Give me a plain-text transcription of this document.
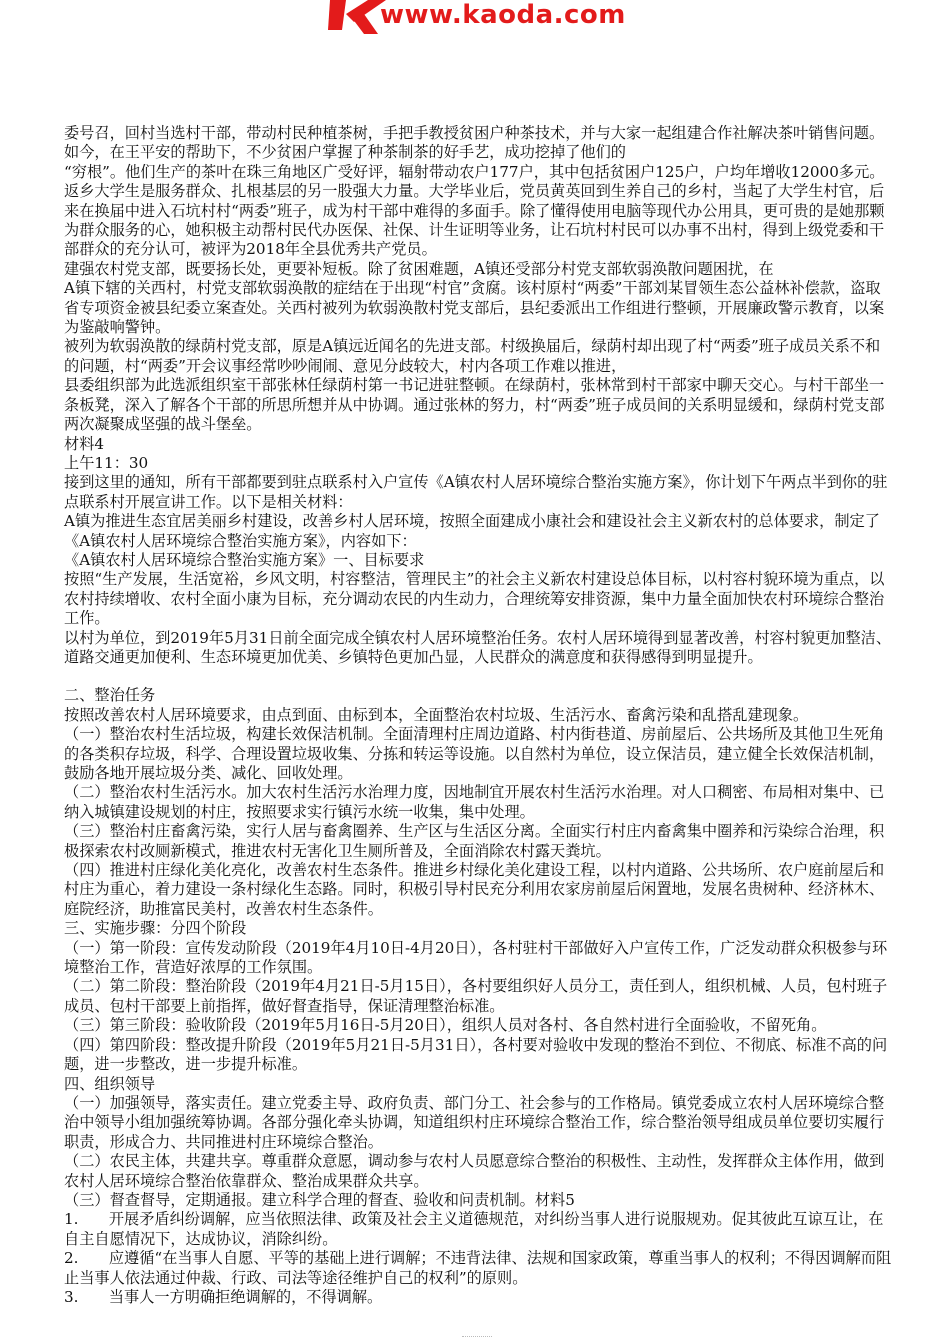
www.kaoda.com

委号召，回村当选村干部，带动村民种植茶树，手把手教授贫困户种茶技术，并与大家一起组建合作社解决茶叶销售问题。如今，在王平安的帮助下，不少贫困户掌握了种茶制茶的好手艺，成功挖掉了他们的

“穷根”。他们生产的茶叶在珠三角地区广受好评，辐射带动农户177户，其中包括贫困户125户，户均年增收12000多元。

返乡大学生是服务群众、扎根基层的另一股强大力量。大学毕业后，党员黄英回到生养自己的乡村，当起了大学生村官，后来在换届中进入石坑村村“两委”班子，成为村干部中难得的多面手。除了懂得使用电脑等现代办公用具，更可贵的是她那颗为群众服务的心，她积极主动帮村民代办医保、社保、计生证明等业务，让石坑村村民可以办事不出村，得到上级党委和干部群众的充分认可，被评为2018年全县优秀共产党员。

建强农村党支部，既要扬长处，更要补短板。除了贫困难题，A镇还受部分村党支部软弱涣散问题困扰，在

A镇下辖的关西村，村党支部软弱涣散的症结在于出现“村官”贪腐。该村原村“两委”干部刘某冒领生态公益林补偿款，盗取省专项资金被县纪委立案查处。关西村被列为软弱涣散村党支部后，县纪委派出工作组进行整顿，开展廉政警示教育，以案为鉴敲响警钟。

被列为软弱涣散的绿荫村党支部，原是A镇远近闻名的先进支部。村级换届后，绿荫村却出现了村“两委”班子成员关系不和的问题，村“两委”开会议事经常吵吵闹闹、意见分歧较大，村内各项工作难以推进，

县委组织部为此选派组织室干部张林任绿荫村第一书记进驻整顿。在绿荫村，张林常到村干部家中聊天交心。与村干部坐一条板凳，深入了解各个干部的所思所想并从中协调。通过张林的努力，村“两委”班子成员间的关系明显缓和，绿荫村党支部两次凝聚成坚强的战斗堡垒。

材料4

上午11：30

接到这里的通知，所有干部都要到驻点联系村入户宣传《A镇农村人居环境综合整治实施方案》，你计划下午两点半到你的驻点联系村开展宣讲工作。以下是相关材料：

A镇为推进生态宜居美丽乡村建设，改善乡村人居环境，按照全面建成小康社会和建设社会主义新农村的总体要求，制定了《A镇农村人居环境综合整治实施方案》，内容如下：

《A镇农村人居环境综合整治实施方案》一、目标要求

按照“生产发展，生活宽裕，乡风文明，村容整洁，管理民主”的社会主义新农村建设总体目标，以村容村貌环境为重点，以农村持续增收、农村全面小康为目标，充分调动农民的内生动力，合理统筹安排资源，集中力量全面加快农村环境综合整治工作。

以村为单位，到2019年5月31日前全面完成全镇农村人居环境整治任务。农村人居环境得到显著改善，村容村貌更加整洁、道路交通更加便利、生态环境更加优美、乡镇特色更加凸显，人民群众的满意度和获得感得到明显提升。

二、整治任务

按照改善农村人居环境要求，由点到面、由标到本，全面整治农村垃圾、生活污水、畜禽污染和乱搭乱建现象。

（一）整治农村生活垃圾，构建长效保洁机制。全面清理村庄周边道路、村内街巷道、房前屋后、公共场所及其他卫生死角的各类积存垃圾，科学、合理设置垃圾收集、分拣和转运等设施。以自然村为单位，设立保洁员，建立健全长效保洁机制，鼓励各地开展垃圾分类、减化、回收处理。

（二）整治农村生活污水。加大农村生活污水治理力度，因地制宜开展农村生活污水治理。对人口稠密、布局相对集中、已纳入城镇建设规划的村庄，按照要求实行镇污水统一收集，集中处理。

（三）整治村庄畜禽污染，实行人居与畜禽圈养、生产区与生活区分离。全面实行村庄内畜禽集中圈养和污染综合治理，积极探索农村改厕新模式，推进农村无害化卫生厕所普及，全面消除农村露天粪坑。

（四）推进村庄绿化美化亮化，改善农村生态条件。推进乡村绿化美化建设工程，以村内道路、公共场所、农户庭前屋后和村庄为重心，着力建设一条村绿化生态路。同时，积极引导村民充分利用农家房前屋后闲置地，发展名贵树种、经济林木、庭院经济，助推富民美村，改善农村生态条件。

三、实施步骤：分四个阶段

（一）第一阶段：宣传发动阶段（2019年4月10日-4月20日），各村驻村干部做好入户宣传工作，广泛发动群众积极参与环境整治工作，营造好浓厚的工作氛围。

（二）第二阶段：整治阶段（2019年4月21日-5月15日），各村要组织好人员分工，责任到人，组织机械、人员，包村班子成员、包村干部要上前指挥，做好督查指导，保证清理整治标准。

（三）第三阶段：验收阶段（2019年5月16日-5月20日），组织人员对各村、各自然村进行全面验收，不留死角。

（四）第四阶段：整改提升阶段（2019年5月21日-5月31日），各村要对验收中发现的整治不到位、不彻底、标准不高的问题，进一步整改，进一步提升标准。

四、组织领导

（一）加强领导，落实责任。建立党委主导、政府负责、部门分工、社会参与的工作格局。镇党委成立农村人居环境综合整治中领导小组加强统筹协调。各部分强化牵头协调，知道组织村庄环境综合整治工作，综合整治领导组成员单位要切实履行职责，形成合力、共同推进村庄环境综合整治。

（二）农民主体，共建共享。尊重群众意愿，调动参与农村人员愿意综合整治的积极性、主动性，发挥群众主体作用，做到农村人居环境综合整治依靠群众、整治成果群众共享。

（三）督查督导，定期通报。建立科学合理的督查、验收和问责机制。材料5

1.　　开展矛盾纠纷调解，应当依照法律、政策及社会主义道德规范，对纠纷当事人进行说服规劝。促其彼此互谅互让，在自主自愿情况下，达成协议，消除纠纷。

2.　　应遵循“在当事人自愿、平等的基础上进行调解；不违背法律、法规和国家政策，尊重当事人的权利；不得因调解而阻止当事人依法通过仲裁、行政、司法等途径维护自己的权利”的原则。

3.　　当事人一方明确拒绝调解的，不得调解。
